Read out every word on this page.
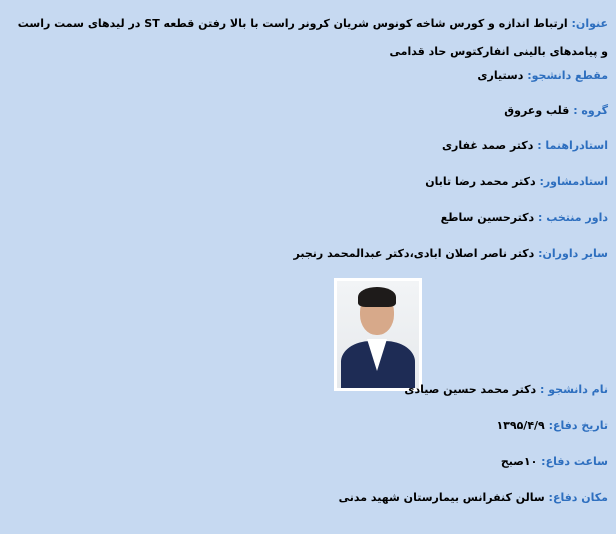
عنوان: ارتباط اندازه و کورس شاخه کونوس شریان کرونر راست با بالا رفتن قطعه ST در لیدهای سمت راست و پیامدهای بالینی انفارکتوس حاد قدامی
مقطع دانشجو: دستیاری
گروه : قلب وعروق
استادراهنما : دکتر صمد غفاری
استادمشاور: دکتر محمد رضا تابان
داور منتخب : دکترحسین ساطع
سایر داوران: دکتر ناصر اصلان ابادی،دکتر عبدالمحمد رنجبر
نام دانشجو : دکتر محمد حسین صیادی
تاریخ دفاع: ۱۳۹۵/۴/۹
ساعت دفاع: ۱۰صبح
مکان دفاع: سالن کنفرانس بیمارستان شهید مدنی
